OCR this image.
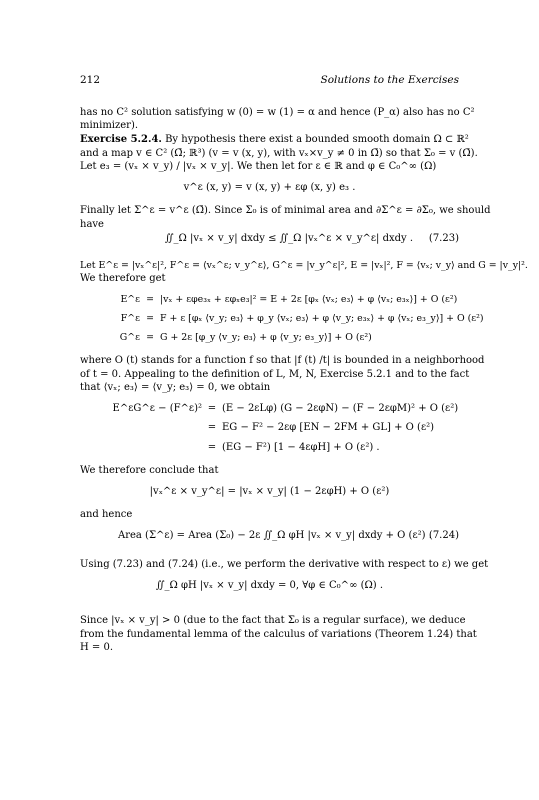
212	Solutions to the Exercises
has no C² solution satisfying w (0) = w (1) = α and hence (P_α) also has no C²
minimizer).
Exercise 5.2.4. By hypothesis there exist a bounded smooth domain Ω ⊂ ℝ²
and a map v ∈ C² (Ω̄; ℝ³) (v = v (x, y), with vₓ×v_y ≠ 0 in Ω̄) so that Σ₀ = v (Ω̄).
Let e₃ = (vₓ × v_y) / |vₓ × v_y|. We then let for ε ∈ ℝ and φ ∈ C₀^∞ (Ω)
v^ε (x, y) = v (x, y) + εφ (x, y) e₃ .
Finally let Σ^ε = v^ε (Ω̄). Since Σ₀ is of minimal area and ∂Σ^ε = ∂Σ₀, we should
have
∬_Ω |vₓ × v_y| dxdy ≤ ∬_Ω |vₓ^ε × v_y^ε| dxdy . (7.23)
Let E^ε = |vₓ^ε|², F^ε = ⟨vₓ^ε; v_y^ε⟩, G^ε = |v_y^ε|², E = |vₓ|², F = ⟨vₓ; v_y⟩ and G = |v_y|².
We therefore get
E^ε = |vₓ + εφe₃ₓ + εφₓe₃|² = E + 2ε [φₓ ⟨vₓ; e₃⟩ + φ ⟨vₓ; e₃ₓ⟩] + O (ε²)
F^ε = F + ε [φₓ ⟨v_y; e₃⟩ + φ_y ⟨vₓ; e₃⟩ + φ ⟨v_y; e₃ₓ⟩ + φ ⟨vₓ; e₃_y⟩] + O (ε²)
G^ε = G + 2ε [φ_y ⟨v_y; e₃⟩ + φ ⟨v_y; e₃_y⟩] + O (ε²)
where O (t) stands for a function f so that |f (t) /t| is bounded in a neighborhood
of t = 0. Appealing to the definition of L, M, N, Exercise 5.2.1 and to the fact
that ⟨vₓ; e₃⟩ = ⟨v_y; e₃⟩ = 0, we obtain
E^εG^ε − (F^ε)² = (E − 2εLφ) (G − 2εφN) − (F − 2εφM)² + O (ε²)
= EG − F² − 2εφ [EN − 2FM + GL] + O (ε²)
= (EG − F²) [1 − 4εφH] + O (ε²) .
We therefore conclude that
|vₓ^ε × v_y^ε| = |vₓ × v_y| (1 − 2εφH) + O (ε²)
and hence
Area (Σ^ε) = Area (Σ₀) − 2ε ∬_Ω φH |vₓ × v_y| dxdy + O (ε²) .
(7.24)
Using (7.23) and (7.24) (i.e., we perform the derivative with respect to ε) we get
∬_Ω φH |vₓ × v_y| dxdy = 0, ∀φ ∈ C₀^∞ (Ω) .
Since |vₓ × v_y| > 0 (due to the fact that Σ₀ is a regular surface), we deduce
from the fundamental lemma of the calculus of variations (Theorem 1.24) that
H = 0.
